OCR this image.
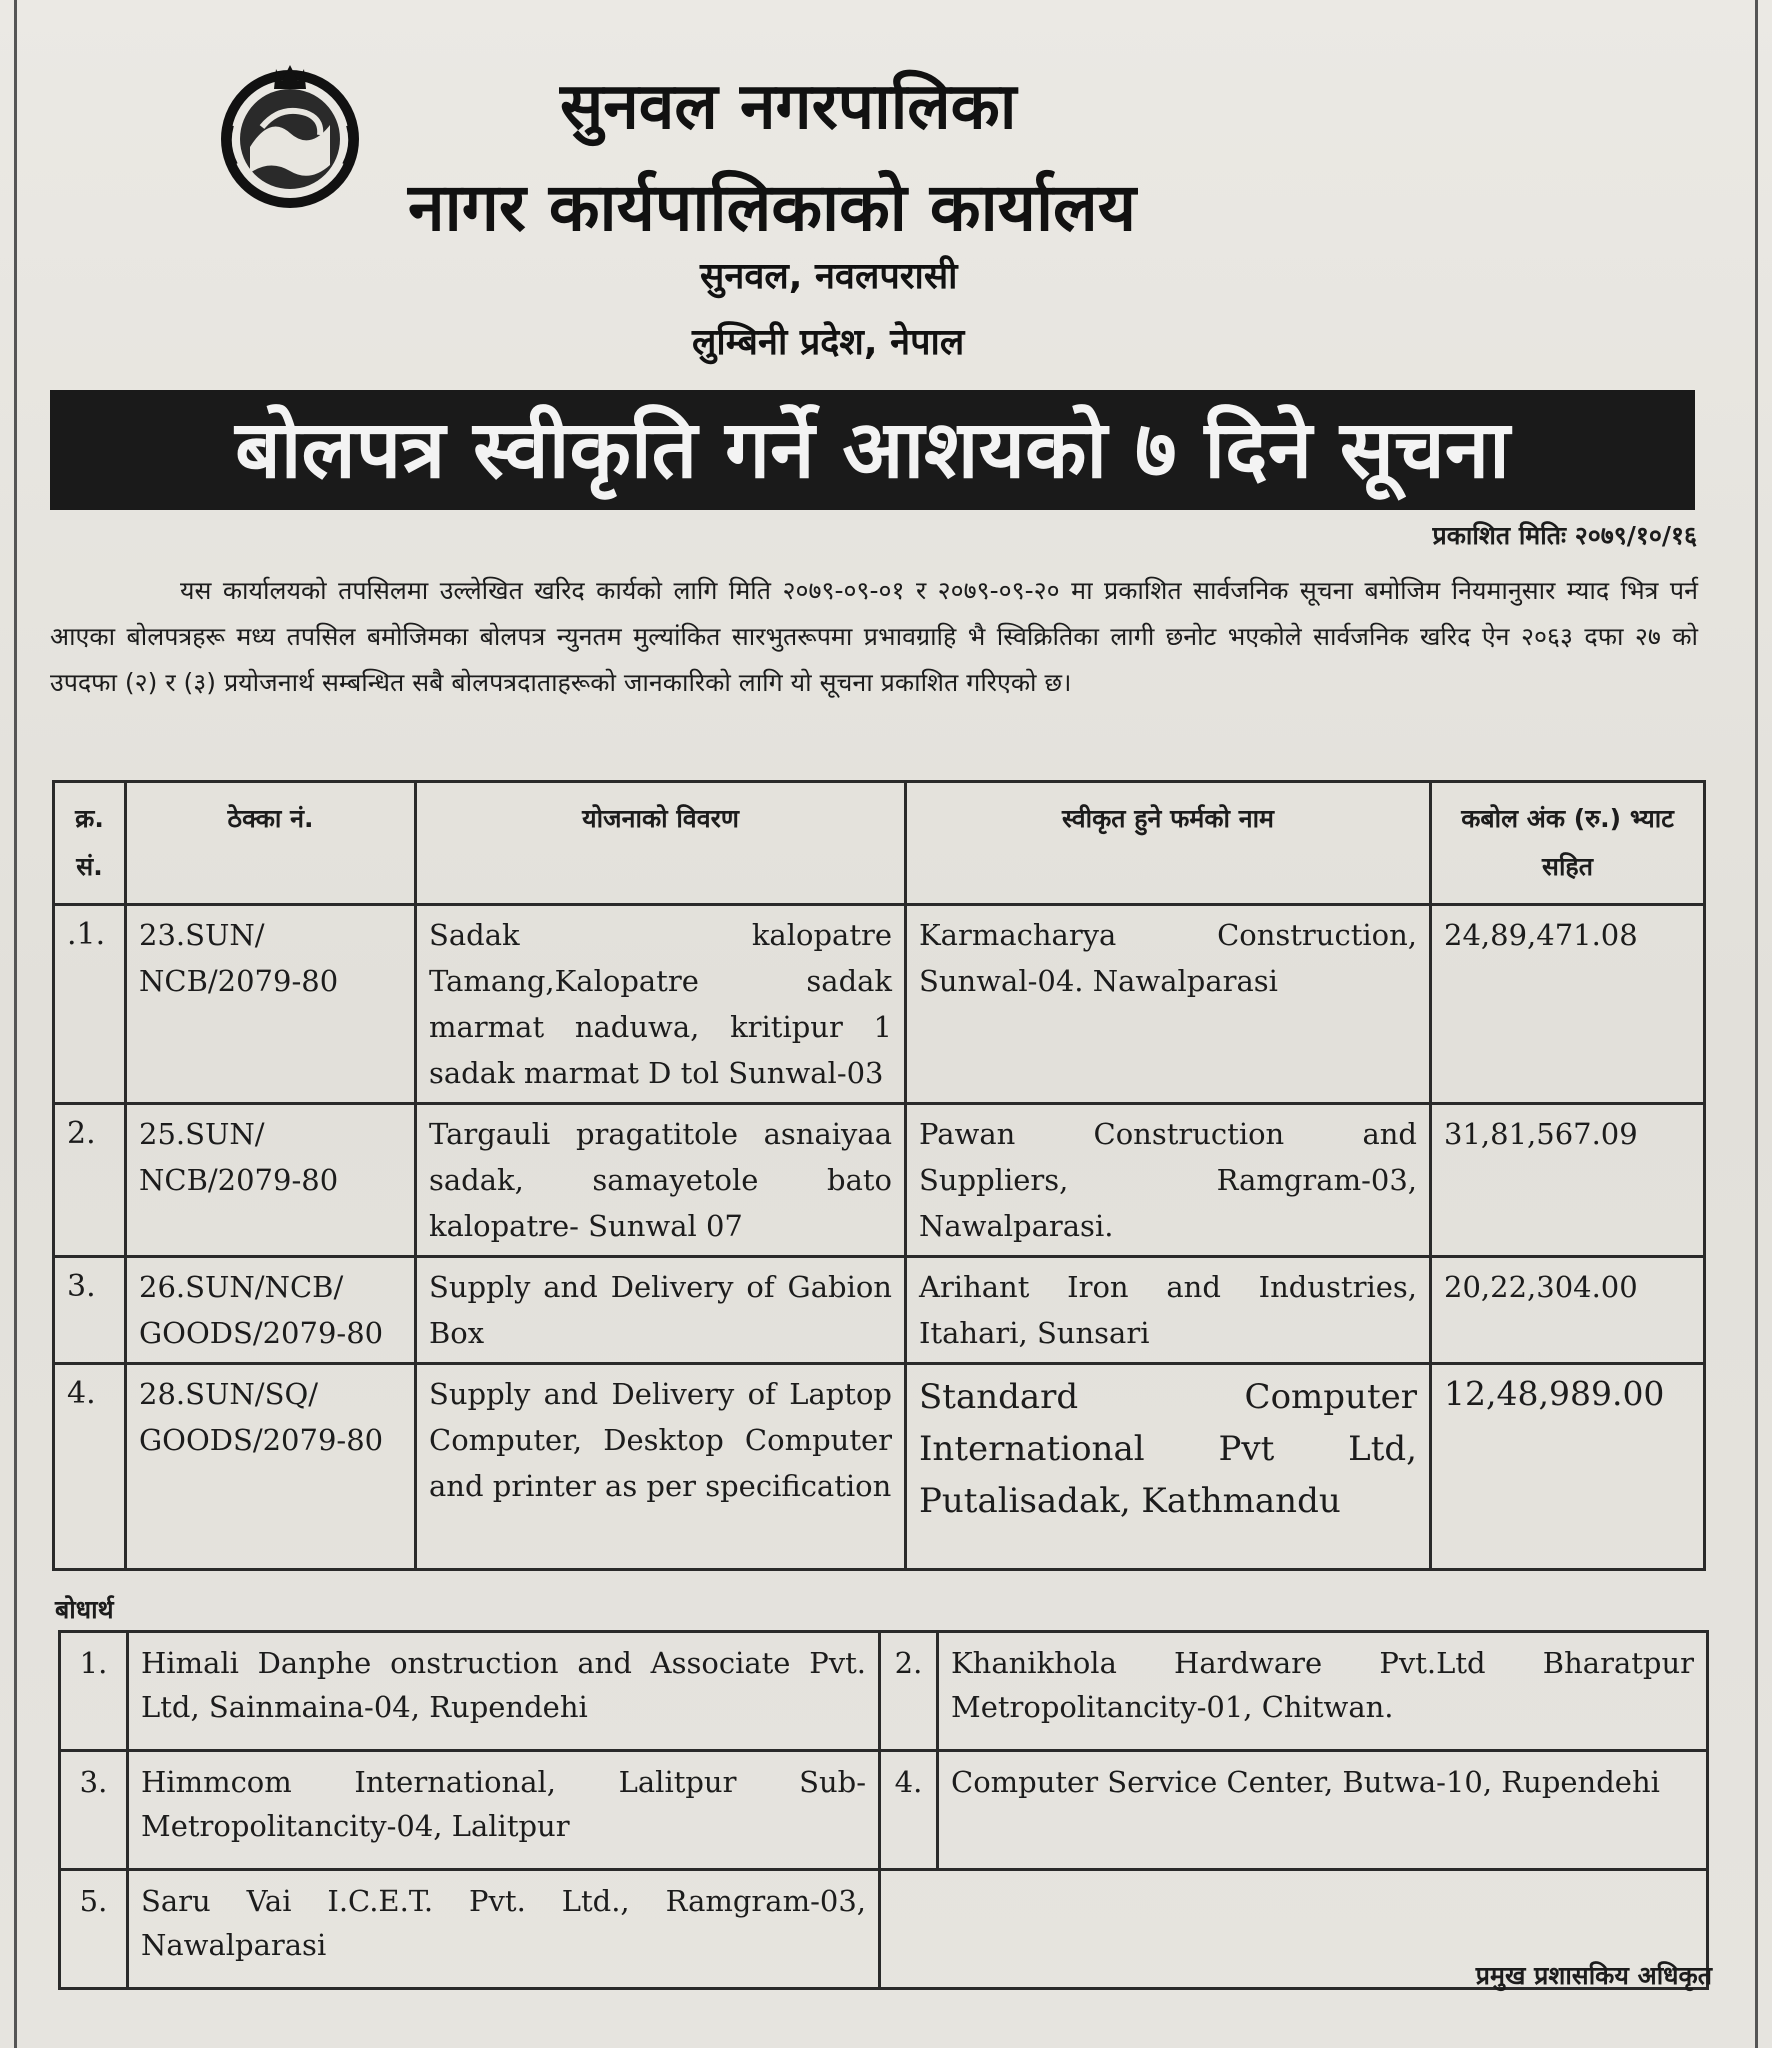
सुनवल नगरपालिका
नागर कार्यपालिकाको कार्यालय
सुनवल, नवलपरासी
लुम्बिनी प्रदेश, नेपाल
बोलपत्र स्वीकृति गर्ने आशयको ७ दिने सूचना
प्रकाशित मितिः २०७९/१०/१६
यस कार्यालयको तपसिलमा उल्लेखित खरिद कार्यको लागि मिति २०७९-०९-०१ र २०७९-०९-२० मा प्रकाशित सार्वजनिक सूचना बमोजिम नियमानुसार म्याद भित्र पर्न आएका बोलपत्रहरू मध्य तपसिल बमोजिमका बोलपत्र न्युनतम मुल्यांकित सारभुतरूपमा प्रभावग्राहि भै स्विक्रितिका लागी छनोट भएकोले सार्वजनिक खरिद ऐन २०६३ दफा २७ को उपदफा (२) र (३) प्रयोजनार्थ सम्बन्धित सबै बोलपत्रदाताहरूको जानकारिको लागि यो सूचना प्रकाशित गरिएको छ।
क्र. सं.	ठेक्का नं.	योजनाको विवरण	स्वीकृत हुने फर्मको नाम	कबोल अंक (रु.) भ्याट सहित
.1.	23.SUN/ NCB/2079-80	Sadak kalopatre Tamang,Kalopatre sadak marmat naduwa, kritipur 1 sadak marmat D tol Sunwal-03	Karmacharya Construction, Sunwal-04. Nawalparasi	24,89,471.08
2.	25.SUN/ NCB/2079-80	Targauli pragatitole asnaiyaa sadak, samayetole bato kalopatre- Sunwal 07	Pawan Construction and Suppliers, Ramgram-03, Nawalparasi.	31,81,567.09
3.	26.SUN/NCB/ GOODS/2079-80	Supply and Delivery of Gabion Box	Arihant Iron and Industries, Itahari, Sunsari	20,22,304.00
4.	28.SUN/SQ/ GOODS/2079-80	Supply and Delivery of Laptop Computer, Desktop Computer and printer as per specification	Standard Computer International Pvt Ltd, Putalisadak, Kathmandu	12,48,989.00
बोधार्थ
1.	Himali Danphe onstruction and Associate Pvt. Ltd, Sainmaina-04, Rupendehi	2.	Khanikhola Hardware Pvt.Ltd Bharatpur Metropolitancity-01, Chitwan.
3.	Himmcom International, Lalitpur Sub-Metropolitancity-04, Lalitpur	4.	Computer Service Center, Butwa-10, Rupendehi
5.	Saru Vai I.C.E.T. Pvt. Ltd., Ramgram-03, Nawalparasi		
प्रमुख प्रशासकिय अधिकृत
